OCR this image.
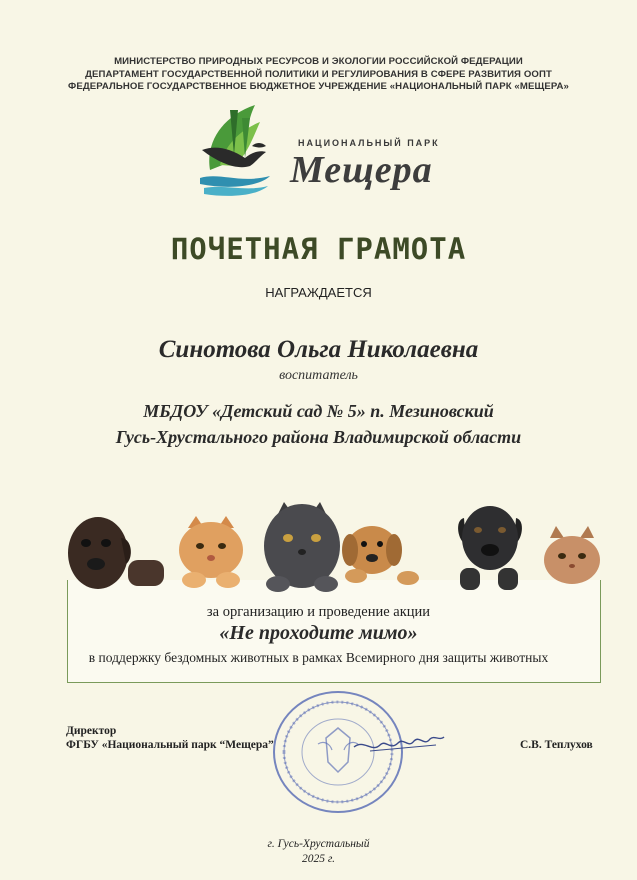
МИНИСТЕРСТВО ПРИРОДНЫХ РЕСУРСОВ И ЭКОЛОГИИ РОССИЙСКОЙ ФЕДЕРАЦИИ
ДЕПАРТАМЕНТ ГОСУДАРСТВЕННОЙ ПОЛИТИКИ И РЕГУЛИРОВАНИЯ В СФЕРЕ РАЗВИТИЯ ООПТ
ФЕДЕРАЛЬНОЕ ГОСУДАРСТВЕННОЕ БЮДЖЕТНОЕ УЧРЕЖДЕНИЕ «НАЦИОНАЛЬНЫЙ ПАРК «МЕЩЕРА»
НАЦИОНАЛЬНЫЙ ПАРК
Мещера
ПОЧЕТНАЯ ГРАМОТА
НАГРАЖДАЕТСЯ
Синотова Ольга Николаевна
воспитатель
МБДОУ «Детский сад № 5» п. Мезиновский
Гусь-Хрустального района Владимирской области
за организацию и проведение акции
«Не проходите мимо»
в поддержку бездомных животных в рамках Всемирного дня защиты животных
Директор
ФГБУ «Национальный парк “Мещера”	С.В. Теплухов
г. Гусь-Хрустальный
2025 г.
